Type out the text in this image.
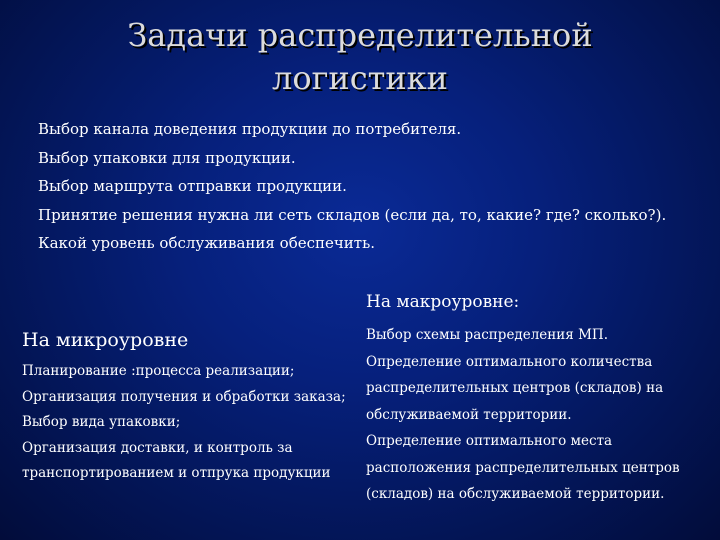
Задачи распределительной
логистики
Выбор канала доведения продукции до потребителя.
Выбор упаковки для продукции.
Выбор маршрута отправки продукции.
Принятие решения нужна ли сеть складов (если да, то, какие? где? сколько?).
Какой уровень обслуживания обеспечить.
На макроуровне:

Выбор схемы распределения МП.
Определение оптимального количества
распределительных центров (складов) на
обслуживаемой территории.
Определение оптимального места
расположения распределительных центров
(складов) на обслуживаемой территории.

На микроуровне

Планирование :процесса реализации;
Организация получения и обработки заказа;
Выбор вида упаковки;
Организация доставки, и контроль за
транспортированием и отпрука продукции
